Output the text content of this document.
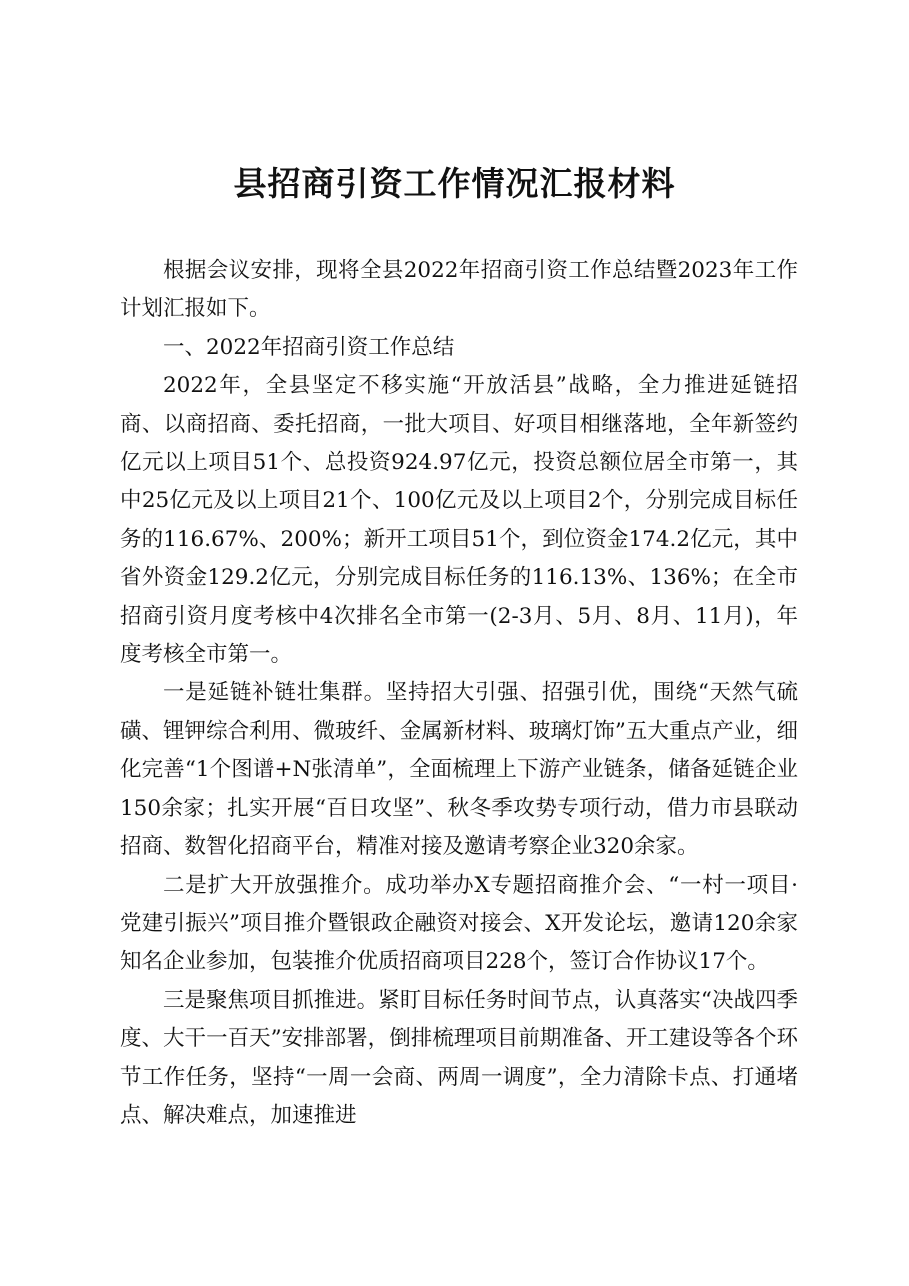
县招商引资工作情况汇报材料

根据会议安排，现将全县2022年招商引资工作总结暨2023年工作计划汇报如下。

一、2022年招商引资工作总结

2022年，全县坚定不移实施“开放活县”战略，全力推进延链招商、以商招商、委托招商，一批大项目、好项目相继落地，全年新签约亿元以上项目51个、总投资924.97亿元，投资总额位居全市第一，其中25亿元及以上项目21个、100亿元及以上项目2个，分别完成目标任务的116.67%、200%；新开工项目51个，到位资金174.2亿元，其中省外资金129.2亿元，分别完成目标任务的116.13%、136%；在全市招商引资月度考核中4次排名全市第一(2-3月、5月、8月、11月)，年度考核全市第一。

一是延链补链壮集群。坚持招大引强、招强引优，围绕“天然气硫磺、锂钾综合利用、微玻纤、金属新材料、玻璃灯饰”五大重点产业，细化完善“1个图谱+N张清单”，全面梳理上下游产业链条，储备延链企业150余家；扎实开展“百日攻坚”、秋冬季攻势专项行动，借力市县联动招商、数智化招商平台，精准对接及邀请考察企业320余家。

二是扩大开放强推介。成功举办X专题招商推介会、“一村一项目·党建引振兴”项目推介暨银政企融资对接会、X开发论坛，邀请120余家知名企业参加，包装推介优质招商项目228个，签订合作协议17个。

三是聚焦项目抓推进。紧盯目标任务时间节点，认真落实“决战四季度、大干一百天”安排部署，倒排梳理项目前期准备、开工建设等各个环节工作任务，坚持“一周一会商、两周一调度”，全力清除卡点、打通堵点、解决难点，加速推进
